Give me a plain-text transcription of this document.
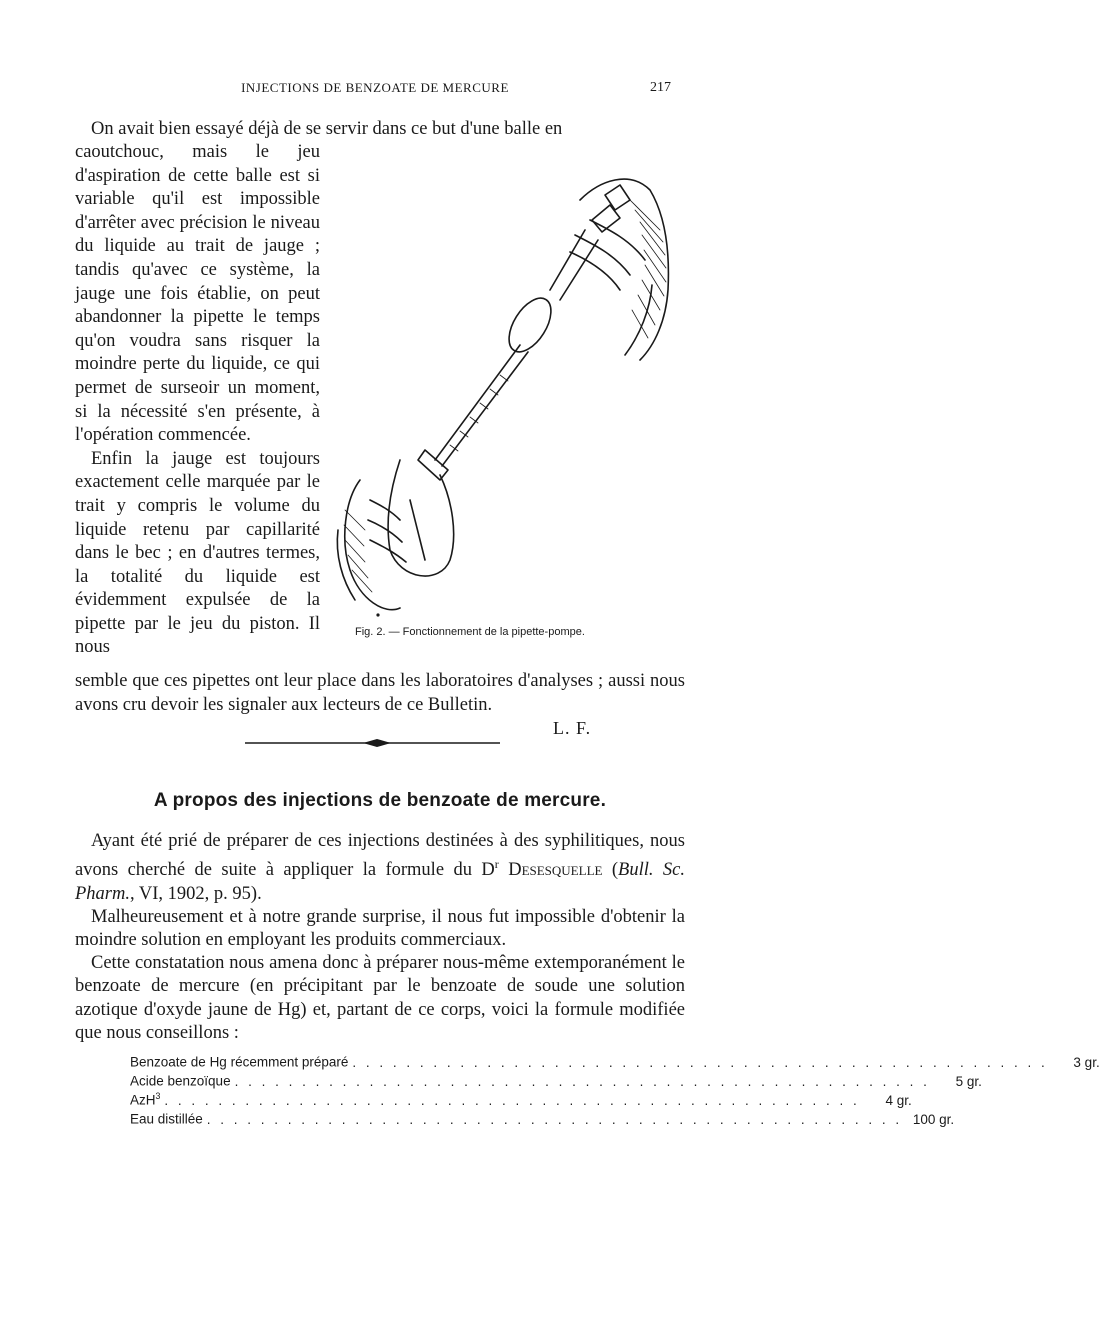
INJECTIONS DE BENZOATE DE MERCURE	217
On avait bien essayé déjà de se servir dans ce but d'une balle en

caoutchouc, mais le jeu d'aspiration de cette balle est si variable qu'il est impossible d'arrêter avec précision le niveau du liquide au trait de jauge ; tandis qu'avec ce système, la jauge une fois établie, on peut abandonner la pipette le temps qu'on voudra sans risquer la moindre perte du liquide, ce qui permet de surseoir un moment, si la nécessité s'en présente, à l'opération commencée.

Enfin la jauge est toujours exactement celle marquée par le trait y compris le volume du liquide retenu par capillarité dans le bec ; en d'autres termes, la totalité du liquide est évidemment expulsée de la pipette par le jeu du piston. Il nous

Fig. 2. — Fonctionnement de la pipette-pompe.
semble que ces pipettes ont leur place dans les laboratoires d'analyses ; aussi nous avons cru devoir les signaler aux lecteurs de ce Bulletin.
L. F.
A propos des injections de benzoate de mercure.

Ayant été prié de préparer de ces injections destinées à des syphilitiques, nous avons cherché de suite à appliquer la formule du $D^r$ Desesquelle (Bull. Sc. Pharm., VI, 1902, p. 95).

Malheureusement et à notre grande surprise, il nous fut impossible d'obtenir la moindre solution en employant les produits commerciaux.

Cette constatation nous amena donc à préparer nous-même extemporanément le benzoate de mercure (en précipitant par le benzoate de soude une solution azotique d'oxyde jaune de Hg) et, partant de ce corps, voici la formule modifiée que nous conseillons :

Benzoate de Hg récemment préparé . . . . . . . . . . . . . . . . . . . . . . . . . . . . . . . . . . . . . . . . . . . . . . . . . . . .	3 gr.
Acide benzoïque . . . . . . . . . . . . . . . . . . . . . . . . . . . . . . . . . . . . . . . . . . . . . . . . . . . .	5 gr.
AzH$^3$ . . . . . . . . . . . . . . . . . . . . . . . . . . . . . . . . . . . . . . . . . . . . . . . . . . . .	4 gr.
Eau distillée . . . . . . . . . . . . . . . . . . . . . . . . . . . . . . . . . . . . . . . . . . . . . . . . . . . . 100 gr.
